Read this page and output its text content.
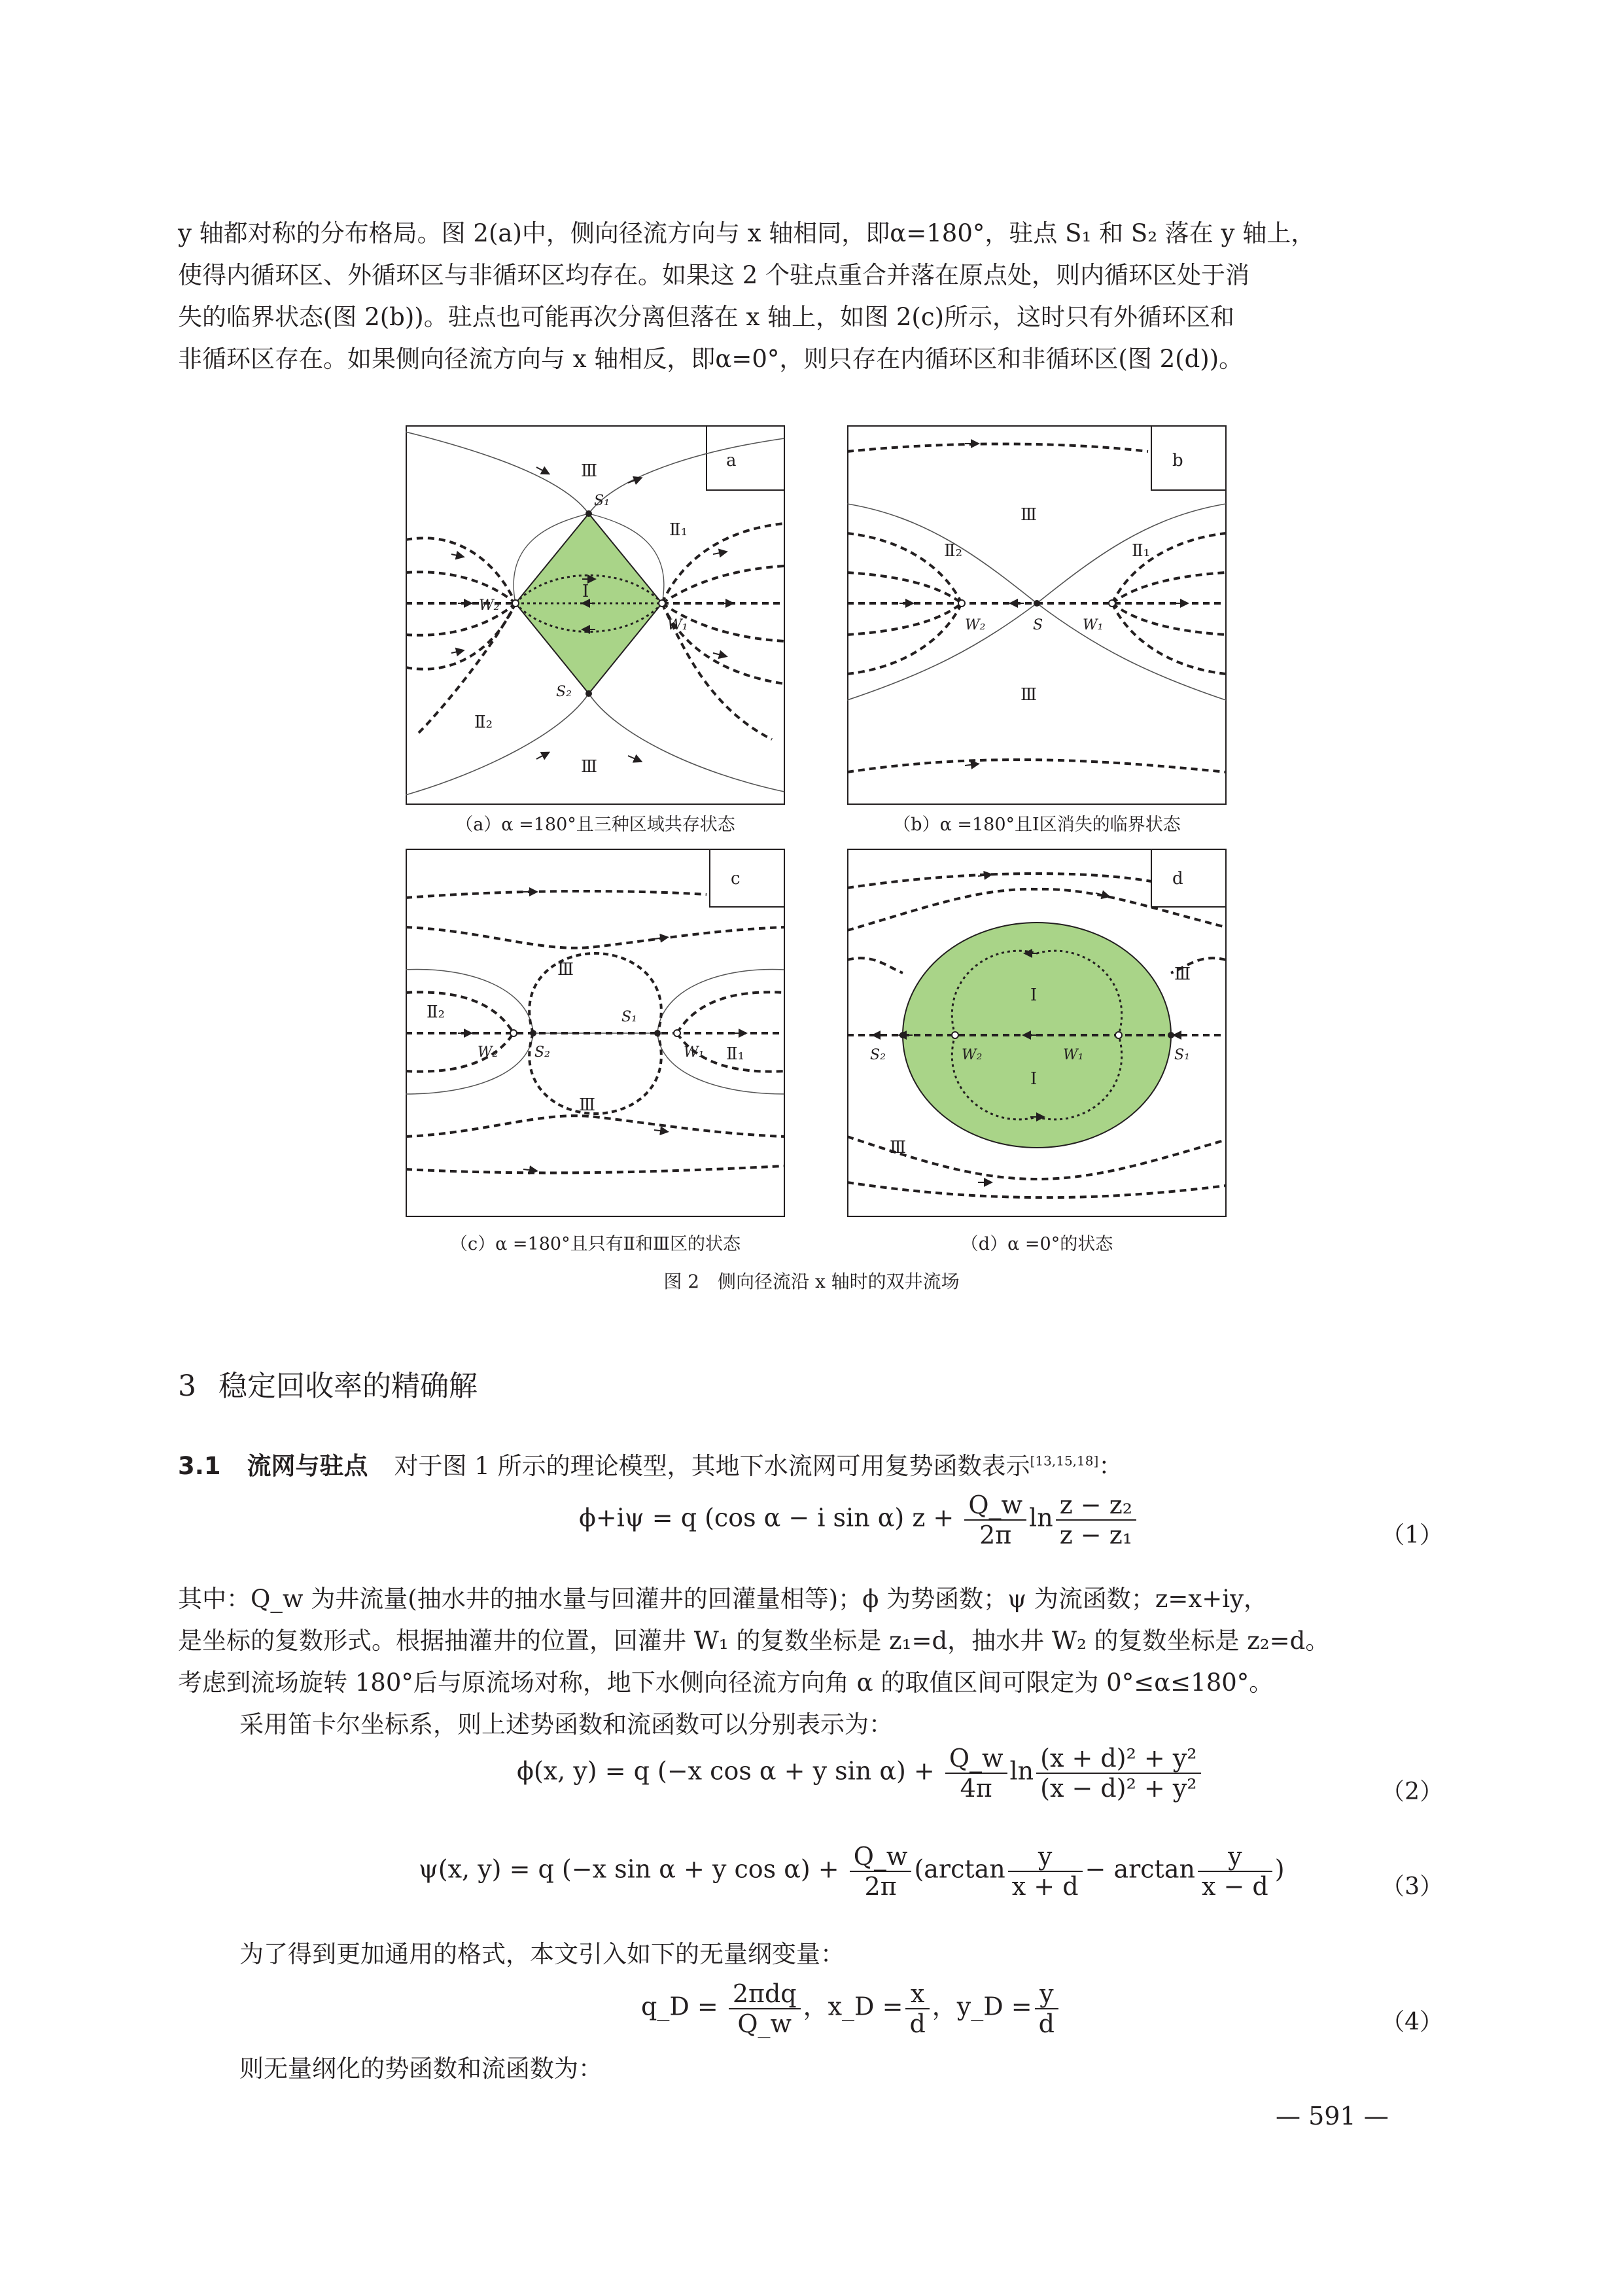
y 轴都对称的分布格局。图 2(a)中，侧向径流方向与 x 轴相同，即α=180°，驻点 S₁ 和 S₂ 落在 y 轴上，
使得内循环区、外循环区与非循环区均存在。如果这 2 个驻点重合并落在原点处，则内循环区处于消
失的临界状态(图 2(b))。驻点也可能再次分离但落在 x 轴上，如图 2(c)所示，这时只有外循环区和
非循环区存在。如果侧向径流方向与 x 轴相反，即α=0°，则只存在内循环区和非循环区(图 2(d))。
a
Ⅲ
Ⅲ
Ⅰ
Ⅱ₁
Ⅱ₂
S₁
S₂
W₁
W₂
（a）α =180°且三种区域共存状态
b
Ⅲ
Ⅲ
Ⅱ₁
Ⅱ₂
S	W₁
W₂
（b）α =180°且Ⅰ区消失的临界状态
c
Ⅲ
Ⅲ
Ⅱ₁
Ⅱ₂	S₁
S₂	W₁
W₂
（c）α =180°且只有Ⅱ和Ⅲ区的状态
d
Ⅲ
Ⅲ
Ⅰ
Ⅰ
S₁
S₂	W₁
W₂
（d）α =0°的状态
图 2　侧向径流沿 x 轴时的双井流场
3 稳定回收率的精确解
3.1 流网与驻点 对于图 1 所示的理论模型，其地下水流网可用复势函数表示[13,15,18]：
ϕ+iψ = q (cos α − i sin α) $z + \frac{Q\_w}{2\pi}$ $\ln \frac{\text{z − z₂}}{\text{z − z₁}}$	（1）
其中：Q_w 为井流量(抽水井的抽水量与回灌井的回灌量相等)；ϕ 为势函数；ψ 为流函数；z=x+iy，
是坐标的复数形式。根据抽灌井的位置，回灌井 W₁ 的复数坐标是 z₁=d，抽水井 W₂ 的复数坐标是 z₂=d。
考虑到流场旋转 180°后与原流场对称，地下水侧向径流方向角 α 的取值区间可限定为 0°≤α≤180°。
采用笛卡尔坐标系，则上述势函数和流函数可以分别表示为：
ϕ(x, y) = q (−x cos α + y $\sin \alpha) + \frac{Q\_w}{4\pi}$ $\ln \frac{\text{(x + d)² + y²}}{\text{(x − d)² + y²}}$	（2）
ψ(x, y) = q (−x sin α + y $\cos \alpha) + \frac{Q\_w}{2\pi} (\arctan \frac{y}{x + d} - \arctan \frac{y}{x - d}$ )
（3）
为了得到更加通用的格式，本文引入如下的无量纲变量：
q_D = $\frac{\text{2πdq}}{Q\_w}$ ，x_D = $\frac{x}{d}$ ，y_D = $\frac{y}{d}$	（4）
则无量纲化的势函数和流函数为：
— 591 —
